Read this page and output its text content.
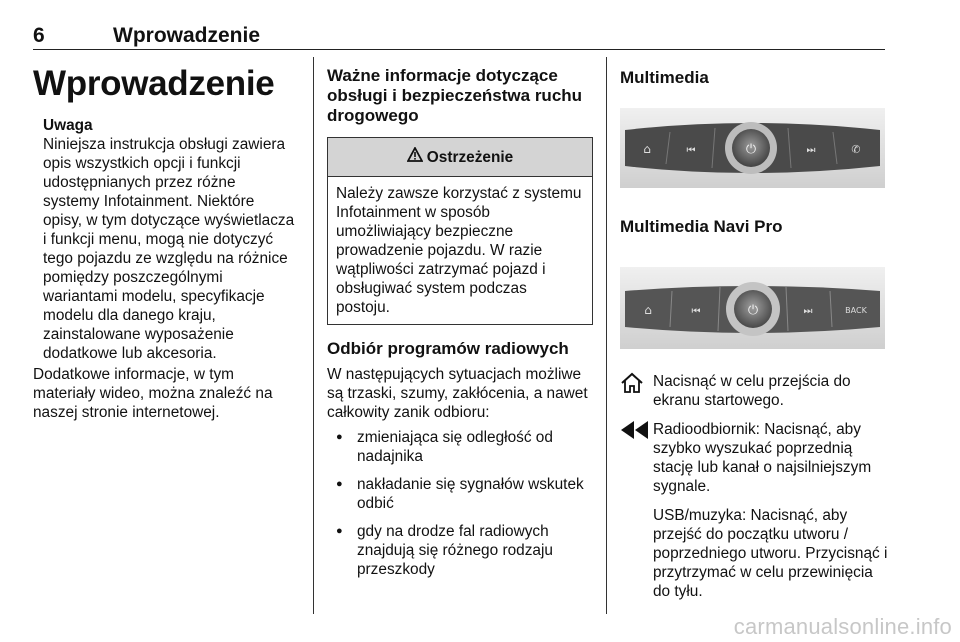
6	Wprowadzenie
Wprowadzenie
Uwaga

Niniejsza instrukcja obsługi zawiera opis wszystkich opcji i funkcji udostępnianych przez różne systemy Infotainment. Niektóre opisy, w tym dotyczące wyświetlacza i funkcji menu, mogą nie dotyczyć tego pojazdu ze względu na różnice pomiędzy poszczególnymi wariantami modelu, specyfikacje modelu dla danego kraju, zainstalowane wyposażenie dodatkowe lub akcesoria.

Dodatkowe informacje, w tym materiały wideo, można znaleźć na naszej stronie internetowej.

Ważne informacje dotyczące obsługi i bezpieczeństwa ruchu drogowego
Ostrzeżenie
Należy zawsze korzystać z systemu Infotainment w sposób umożliwiający bezpieczne prowadzenie pojazdu. W razie wątpliwości zatrzymać pojazd i obsługiwać system podczas postoju.
Odbiór programów radiowych

W następujących sytuacjach możliwe są trzaski, szumy, zakłócenia, a nawet całkowity zanik odbioru:

● zmieniająca się odległość od nadajnika
● nakładanie się sygnałów wskutek odbić
● gdy na drodze fal radiowych znajdują się różnego rodzaju przeszkody
Multimedia
⏻
⌂	⏮	⏭	✆
Multimedia Navi Pro
⏻
⌂	⏮	⏭	BACK
Nacisnąć w celu przejścia do ekranu startowego.
Radioodbiornik: Nacisnąć, aby szybko wyszukać poprzednią stację lub kanał o najsilniejszym sygnale.
USB/muzyka: Nacisnąć, aby przejść do początku utworu / poprzedniego utworu. Przycisnąć i przytrzymać w celu przewinięcia do tyłu.
carmanualsonline.info
